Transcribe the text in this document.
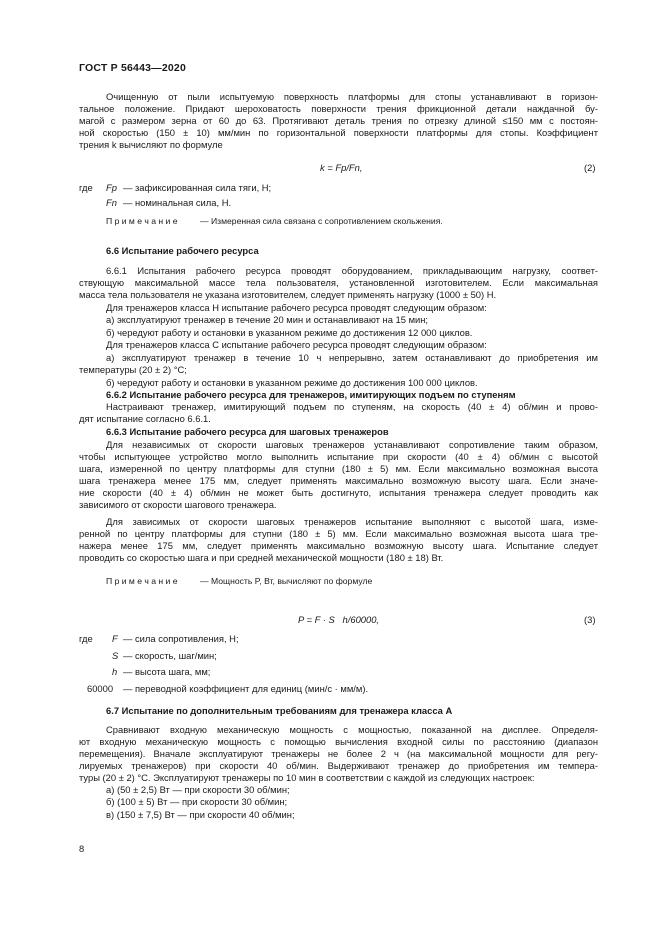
ГОСТ Р 56443—2020
Очищенную от пыли испытуемую поверхность платформы для стопы устанавливают в горизон-
тальное положение. Придают шероховатость поверхности трения фрикционной детали наждачной бу-
магой с размером зерна от 60 до 63. Протягивают деталь трения по отрезку длиной ≤150 мм с постоян-
ной скоростью (150 ± 10) мм/мин по горизонтальной поверхности платформы для стопы. Коэффициент
трения k вычисляют по формуле
k = Fp/Fn,	(2)
где Fp — зафиксированная сила тяги, Н;
Fn — номинальная сила, Н.
П р и м е ч а н и е	— Измеренная сила связана с сопротивлением скольжения.
6.6 Испытание рабочего ресурса
6.6.1 Испытания рабочего ресурса проводят оборудованием, прикладывающим нагрузку, соответ-
ствующую максимальной массе тела пользователя, установленной изготовителем. Если максимальная
масса тела пользователя не указана изготовителем, следует применять нагрузку (1000 ± 50) Н.
Для тренажеров класса H испытание рабочего ресурса проводят следующим образом:
а) эксплуатируют тренажер в течение 20 мин и останавливают на 15 мин;
б) чередуют работу и остановки в указанном режиме до достижения 12 000 циклов.
Для тренажеров класса C испытание рабочего ресурса проводят следующим образом:
а) эксплуатируют тренажер в течение 10 ч непрерывно, затем останавливают до приобретения им
температуры (20 ± 2) °С;
б) чередуют работу и остановки в указанном режиме до достижения 100 000 циклов.
6.6.2 Испытание рабочего ресурса для тренажеров, имитирующих подъем по ступеням
Настраивают тренажер, имитирующий подъем по ступеням, на скорость (40 ± 4) об/мин и прово-
дят испытание согласно 6.6.1.
6.6.3 Испытание рабочего ресурса для шаговых тренажеров
Для независимых от скорости шаговых тренажеров устанавливают сопротивление таким образом,
чтобы испытующее устройство могло выполнить испытание при скорости (40 ± 4) об/мин с высотой
шага, измеренной по центру платформы для ступни (180 ± 5) мм. Если максимально возможная высота
шага тренажера менее 175 мм, следует применять максимально возможную высоту шага. Если значе-
ние скорости (40 ± 4) об/мин не может быть достигнуто, испытания тренажера следует проводить как
зависимого от скорости шагового тренажера.
Для зависимых от скорости шаговых тренажеров испытание выполняют с высотой шага, изме-
ренной по центру платформы для ступни (180 ± 5) мм. Если максимально возможная высота шага тре-
нажера менее 175 мм, следует применять максимально возможную высоту шага. Испытание следует
проводить со скоростью шага и при средней механической мощности (180 ± 18) Вт.
П р и м е ч а н и е	— Мощность P, Вт, вычисляют по формуле
P = F · S   h/60000,	(3)
где F — сила сопротивления, Н;
S — скорость, шаг/мин;
h — высота шага, мм;
60000 — переводной коэффициент для единиц (мин/с · мм/м).
6.7 Испытание по дополнительным требованиям для тренажера класса A
Сравнивают входную механическую мощность с мощностью, показанной на дисплее. Определя-
ют входную механическую мощность с помощью вычисления входной силы по расстоянию (диапазон
перемещения). Вначале эксплуатируют тренажеры не более 2 ч (на максимальной мощности для регу-
лируемых тренажеров) при скорости 40 об/мин. Выдерживают тренажер до приобретения им темпера-
туры (20 ± 2) °С. Эксплуатируют тренажеры по 10 мин в соответствии с каждой из следующих настроек:
а) (50 ± 2,5) Вт — при скорости 30 об/мин;
б) (100 ± 5) Вт — при скорости 30 об/мин;
в) (150 ± 7,5) Вт — при скорости 40 об/мин;
8
